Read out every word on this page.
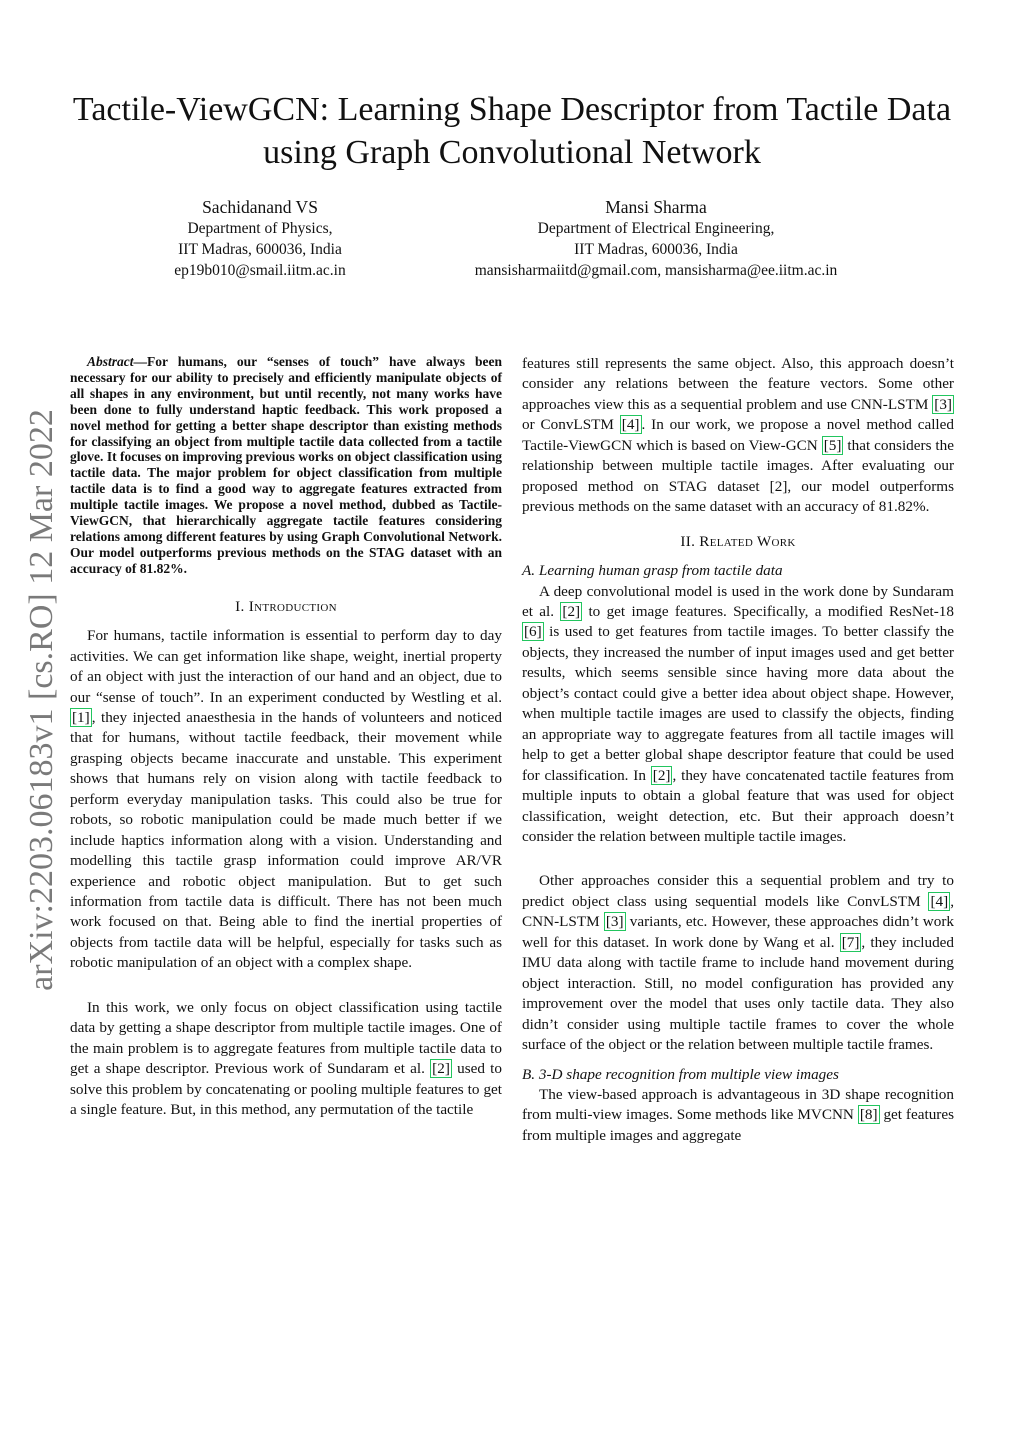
Tactile-ViewGCN: Learning Shape Descriptor from Tactile Data using Graph Convolutional Network
Sachidanand VS
Department of Physics,
IIT Madras, 600036, India
ep19b010@smail.iitm.ac.in
Mansi Sharma
Department of Electrical Engineering,
IIT Madras, 600036, India
mansisharmaiitd@gmail.com, mansisharma@ee.iitm.ac.in
arXiv:2203.06183v1 [cs.RO] 12 Mar 2022

Abstract—For humans, our “senses of touch” have always been necessary for our ability to precisely and efficiently manipulate objects of all shapes in any environment, but until recently, not many works have been done to fully understand haptic feedback. This work proposed a novel method for getting a better shape descriptor than existing methods for classifying an object from multiple tactile data collected from a tactile glove. It focuses on improving previous works on object classification using tactile data. The major problem for object classification from multiple tactile data is to find a good way to aggregate features extracted from multiple tactile images. We propose a novel method, dubbed as Tactile-ViewGCN, that hierarchically aggregate tactile features considering relations among different features by using Graph Convolutional Network. Our model outperforms previous methods on the STAG dataset with an accuracy of 81.82%.

I. Introduction

For humans, tactile information is essential to perform day to day activities. We can get information like shape, weight, inertial property of an object with just the interaction of our hand and an object, due to our “sense of touch”. In an experiment conducted by Westling et al. [1] , they injected anaesthesia in the hands of volunteers and noticed that for humans, without tactile feedback, their movement while grasping objects became inaccurate and unstable. This experiment shows that humans rely on vision along with tactile feedback to perform everyday manipulation tasks. This could also be true for robots, so robotic manipulation could be made much better if we include haptics information along with a vision. Understanding and modelling this tactile grasp information could improve AR/VR experience and robotic object manipulation. But to get such information from tactile data is difficult. There has not been much work focused on that. Being able to find the inertial properties of objects from tactile data will be helpful, especially for tasks such as robotic manipulation of an object with a complex shape.

In this work, we only focus on object classification using tactile data by getting a shape descriptor from multiple tactile images. One of the main problem is to aggregate features from multiple tactile data to get a shape descriptor. Previous work of Sundaram et al. [2] used to solve this problem by concatenating or pooling multiple features to get a single feature. But, in this method, any permutation of the tactile

features still represents the same object. Also, this approach doesn’t consider any relations between the feature vectors. Some other approaches view this as a sequential problem and use CNN-LSTM [3] or ConvLSTM [4] . In our work, we propose a novel method called Tactile-ViewGCN which is based on View-GCN [5] that considers the relationship between multiple tactile images. After evaluating our proposed method on STAG dataset [2], our model outperforms previous methods on the same dataset with an accuracy of 81.82%.

II. Related Work
A. Learning human grasp from tactile data

A deep convolutional model is used in the work done by Sundaram et al. [2] to get image features. Specifically, a modified ResNet-18 [6] is used to get features from tactile images. To better classify the objects, they increased the number of input images used and get better results, which seems sensible since having more data about the object’s contact could give a better idea about object shape. However, when multiple tactile images are used to classify the objects, finding an appropriate way to aggregate features from all tactile images will help to get a better global shape descriptor feature that could be used for classification. In [2] , they have concatenated tactile features from multiple inputs to obtain a global feature that was used for object classification, weight detection, etc. But their approach doesn’t consider the relation between multiple tactile images.

Other approaches consider this a sequential problem and try to predict object class using sequential models like ConvLSTM [4] , CNN-LSTM [3] variants, etc. However, these approaches didn’t work well for this dataset. In work done by Wang et al. [7] , they included IMU data along with tactile frame to include hand movement during object interaction. Still, no model configuration has provided any improvement over the model that uses only tactile data. They also didn’t consider using multiple tactile frames to cover the whole surface of the object or the relation between multiple tactile frames.

B. 3-D shape recognition from multiple view images

The view-based approach is advantageous in 3D shape recognition from multi-view images. Some methods like MVCNN [8] get features from multiple images and aggregate
